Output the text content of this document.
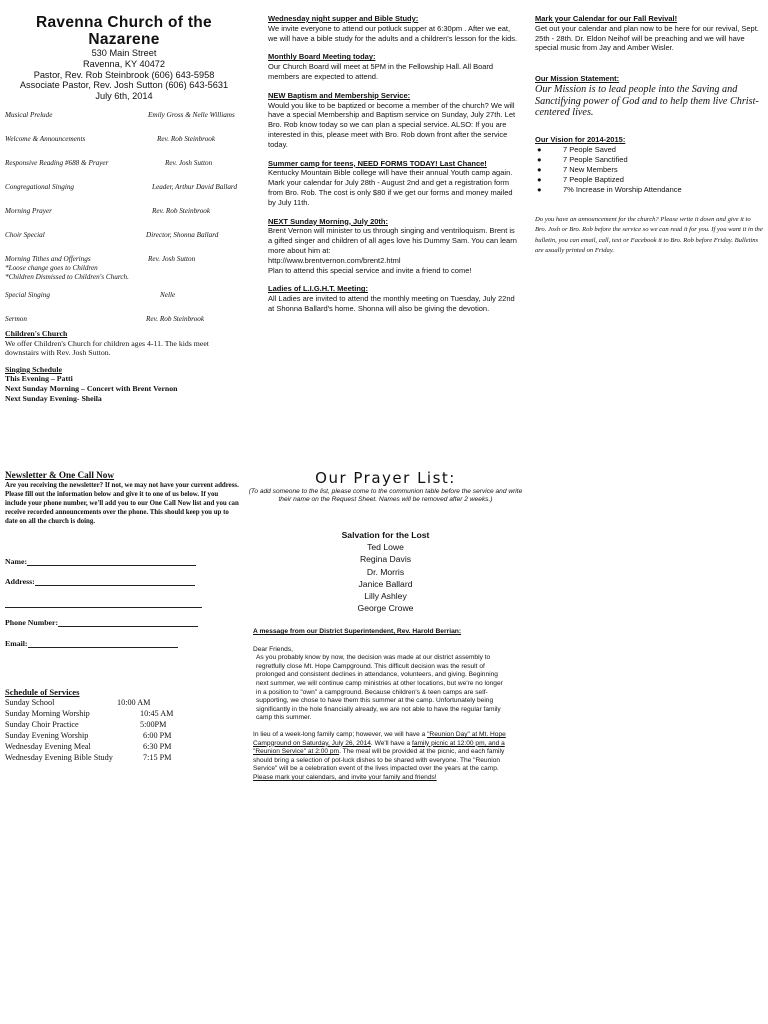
Ravenna Church of the Nazarene
530 Main Street
Ravenna, KY 40472
Pastor, Rev. Rob Steinbrook (606) 643-5958
Associate Pastor, Rev. Josh Sutton (606) 643-5631
July 6th, 2014
Musical Prelude	Emily Gross & Nelle Williams
Welcome & Announcements	Rev. Rob Steinbrook
Responsive Reading #688 & Prayer	Rev. Josh Sutton
Congregational Singing	Leader, Arthur David Ballard
Morning Prayer	Rev. Rob Steinbrook
Choir Special	Director, Shonna Ballard
Morning Tithes and Offerings	Rev. Josh Sutton
*Loose change goes to Children
*Children Dismissed to Children's Church.
Special Singing	Nelle
Sermon	Rev. Rob Steinbrook
Children's Church
We offer Children's Church for children ages 4-11. The kids meet downstairs with Rev. Josh Sutton.
Singing Schedule
This Evening – Patti
Next Sunday Morning – Concert with Brent Vernon
Next Sunday Evening- Sheila
Newsletter & One Call Now
Are you receiving the newsletter? If not, we may not have your current address. Please fill out the information below and give it to one of us below. If you include your phone number, we'll add you to our One Call Now list and you can receive recorded announcements over the phone. This should keep you up to date on all the church is doing.
Name:
Address:
Phone Number:
Email:
Schedule of Services
Sunday School	10:00 AM
Sunday Morning Worship	10:45 AM
Sunday Choir Practice	5:00PM
Sunday Evening Worship	6:00 PM
Wednesday Evening Meal	6:30 PM
Wednesday Evening Bible Study	7:15 PM
Wednesday night supper and Bible Study:
We invite everyone to attend our potluck supper at 6:30pm . After we eat, we will have a bible study for the adults and a children's lesson for the kids.
Monthly Board Meeting today:
Our Church Board will meet at 5PM in the Fellowship Hall. All Board members are expected to attend.
NEW Baptism and Membership Service:
Would you like to be baptized or become a member of the church? We will have a special Membership and Baptism service on Sunday, July 27th. Let Bro. Rob know today so we can plan a special service. ALSO: If you are interested in this, please meet with Bro. Rob down front after the service today.
Summer camp for teens, NEED FORMS TODAY! Last Chance!
Kentucky Mountain Bible college will have their annual Youth camp again. Mark your calendar for July 28th - August 2nd and get a registration form from Bro. Rob. The cost is only $80 if we get our forms and money mailed by July 11th.
NEXT Sunday Morning, July 20th:
Brent Vernon will minister to us through singing and ventriloquism. Brent is a gifted singer and children of all ages love his Dummy Sam. You can learn more about him at:
http://www.brentvernon.com/brent2.html
Plan to attend this special service and invite a friend to come!
Ladies of L.I.G.H.T. Meeting:
All Ladies are invited to attend the monthly meeting on Tuesday, July 22nd at Shonna Ballard's home. Shonna will also be giving the devotion.
Our Prayer List:
(To add someone to the list, please come to the communion table before the service and write their name on the Request Sheet. Names will be removed after 2 weeks.)
Salvation for the Lost
Ted Lowe
Regina Davis
Dr. Morris
Janice Ballard
Lilly Ashley
George Crowe
A message from our District Superintendent, Rev. Harold Berrian:
Dear Friends,
As you probably know by now, the decision was made at our district assembly to regretfully close Mt. Hope Campground. This difficult decision was the result of prolonged and consistent declines in attendance, volunteers, and giving. Beginning next summer, we will continue camp ministries at other locations, but we're no longer in a position to "own" a campground. Because children's & teen camps are self-supporting, we chose to have them this summer at the camp. Unfortunately being significantly in the hole financially already, we are not able to have the regular family camp this summer.
In lieu of a week-long family camp; however, we will have a "Reunion Day" at Mt. Hope Campground on Saturday, July 26, 2014. We'll have a family picnic at 12:00 pm, and a "Reunion Service" at 2:00 pm. The meal will be provided at the picnic, and each family should bring a selection of pot-luck dishes to be shared with everyone. The "Reunion Service" will be a celebration event of the lives impacted over the years at the camp. Please mark your calendars, and invite your family and friends!
Mark your Calendar for our Fall Revival!
Get out your calendar and plan now to be here for our revival, Sept. 25th - 28th. Dr. Eldon Neihof will be preaching and we will have special music from Jay and Amber Wisler.
Our Mission Statement:
Our Mission is to lead people into the Saving and Sanctifying power of God and to help them live Christ-centered lives.
Our Vision for 2014-2015:
●	7 People Saved
●	7 People Sanctified
●	7 New Members
●	7 People Baptized
●	7% Increase in Worship Attendance
Do you have an announcement for the church? Please write it down and give it to Bro. Josh or Bro. Rob before the service so we can read it for you. If you want it in the bulletin, you can email, call, text or Facebook it to Bro. Rob before Friday. Bulletins are usually printed on Friday.
